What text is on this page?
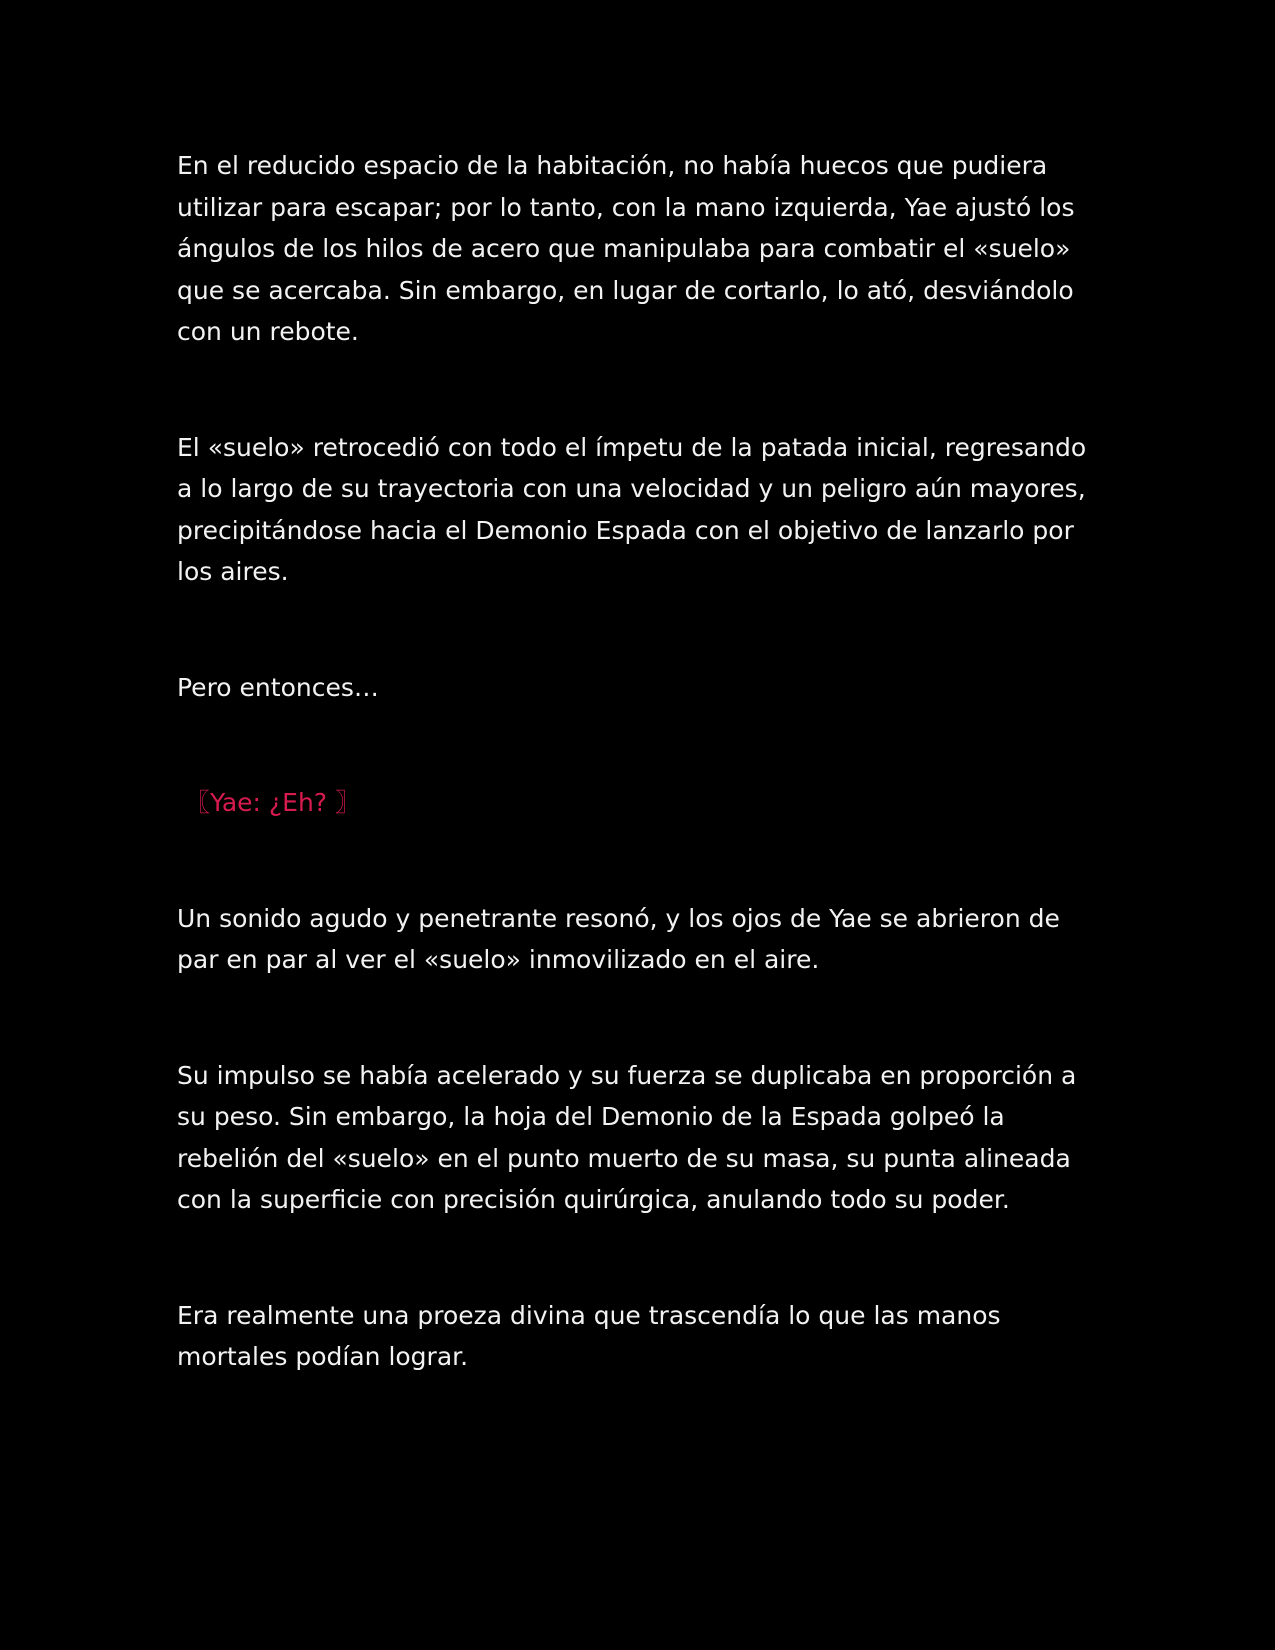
En el reducido espacio de la habitación, no había huecos que pudiera utilizar para escapar; por lo tanto, con la mano izquierda, Yae ajustó los ángulos de los hilos de acero que manipulaba para combatir el «suelo» que se acercaba. Sin embargo, en lugar de cortarlo, lo ató, desviándolo con un rebote.

El «suelo» retrocedió con todo el ímpetu de la patada inicial, regresando a lo largo de su trayectoria con una velocidad y un peligro aún mayores, precipitándose hacia el Demonio Espada con el objetivo de lanzarlo por los aires.

Pero entonces…

〖Yae: ¿Eh? 〗

Un sonido agudo y penetrante resonó, y los ojos de Yae se abrieron de par en par al ver el «suelo» inmovilizado en el aire.

Su impulso se había acelerado y su fuerza se duplicaba en proporción a su peso. Sin embargo, la hoja del Demonio de la Espada golpeó la rebelión del «suelo» en el punto muerto de su masa, su punta alineada con la superficie con precisión quirúrgica, anulando todo su poder.

Era realmente una proeza divina que trascendía lo que las manos mortales podían lograr.
